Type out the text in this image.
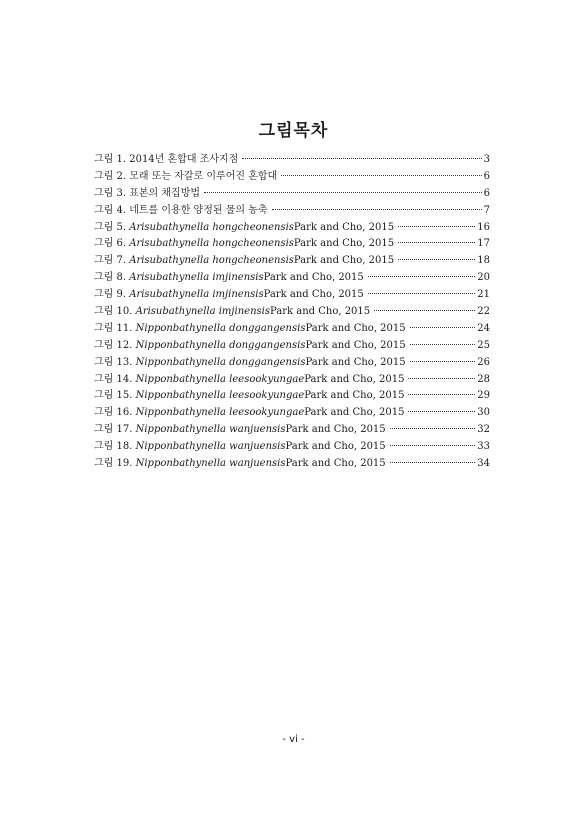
그림목차
그림 1. 2014년 혼합대 조사지점	3
그림 2. 모래 또는 자갈로 이루어진 혼합대	6
그림 3. 표본의 채집방법	6
그림 4. 네트를 이용한 양정된 물의 농축	7
그림 5. Arisubathynella hongcheonensis Park and Cho, 2015	16
그림 6. Arisubathynella hongcheonensis Park and Cho, 2015	17
그림 7. Arisubathynella hongcheonensis Park and Cho, 2015	18
그림 8. Arisubathynella imjinensis Park and Cho, 2015	20
그림 9. Arisubathynella imjinensis Park and Cho, 2015	21
그림 10. Arisubathynella imjinensis Park and Cho, 2015	22
그림 11. Nipponbathynella donggangensis Park and Cho, 2015	24
그림 12. Nipponbathynella donggangensis Park and Cho, 2015	25
그림 13. Nipponbathynella donggangensis Park and Cho, 2015	26
그림 14. Nipponbathynella leesookyungae Park and Cho, 2015	28
그림 15. Nipponbathynella leesookyungae Park and Cho, 2015	29
그림 16. Nipponbathynella leesookyungae Park and Cho, 2015	30
그림 17. Nipponbathynella wanjuensis Park and Cho, 2015	32
그림 18. Nipponbathynella wanjuensis Park and Cho, 2015	33
그림 19. Nipponbathynella wanjuensis Park and Cho, 2015	34
- vi -
